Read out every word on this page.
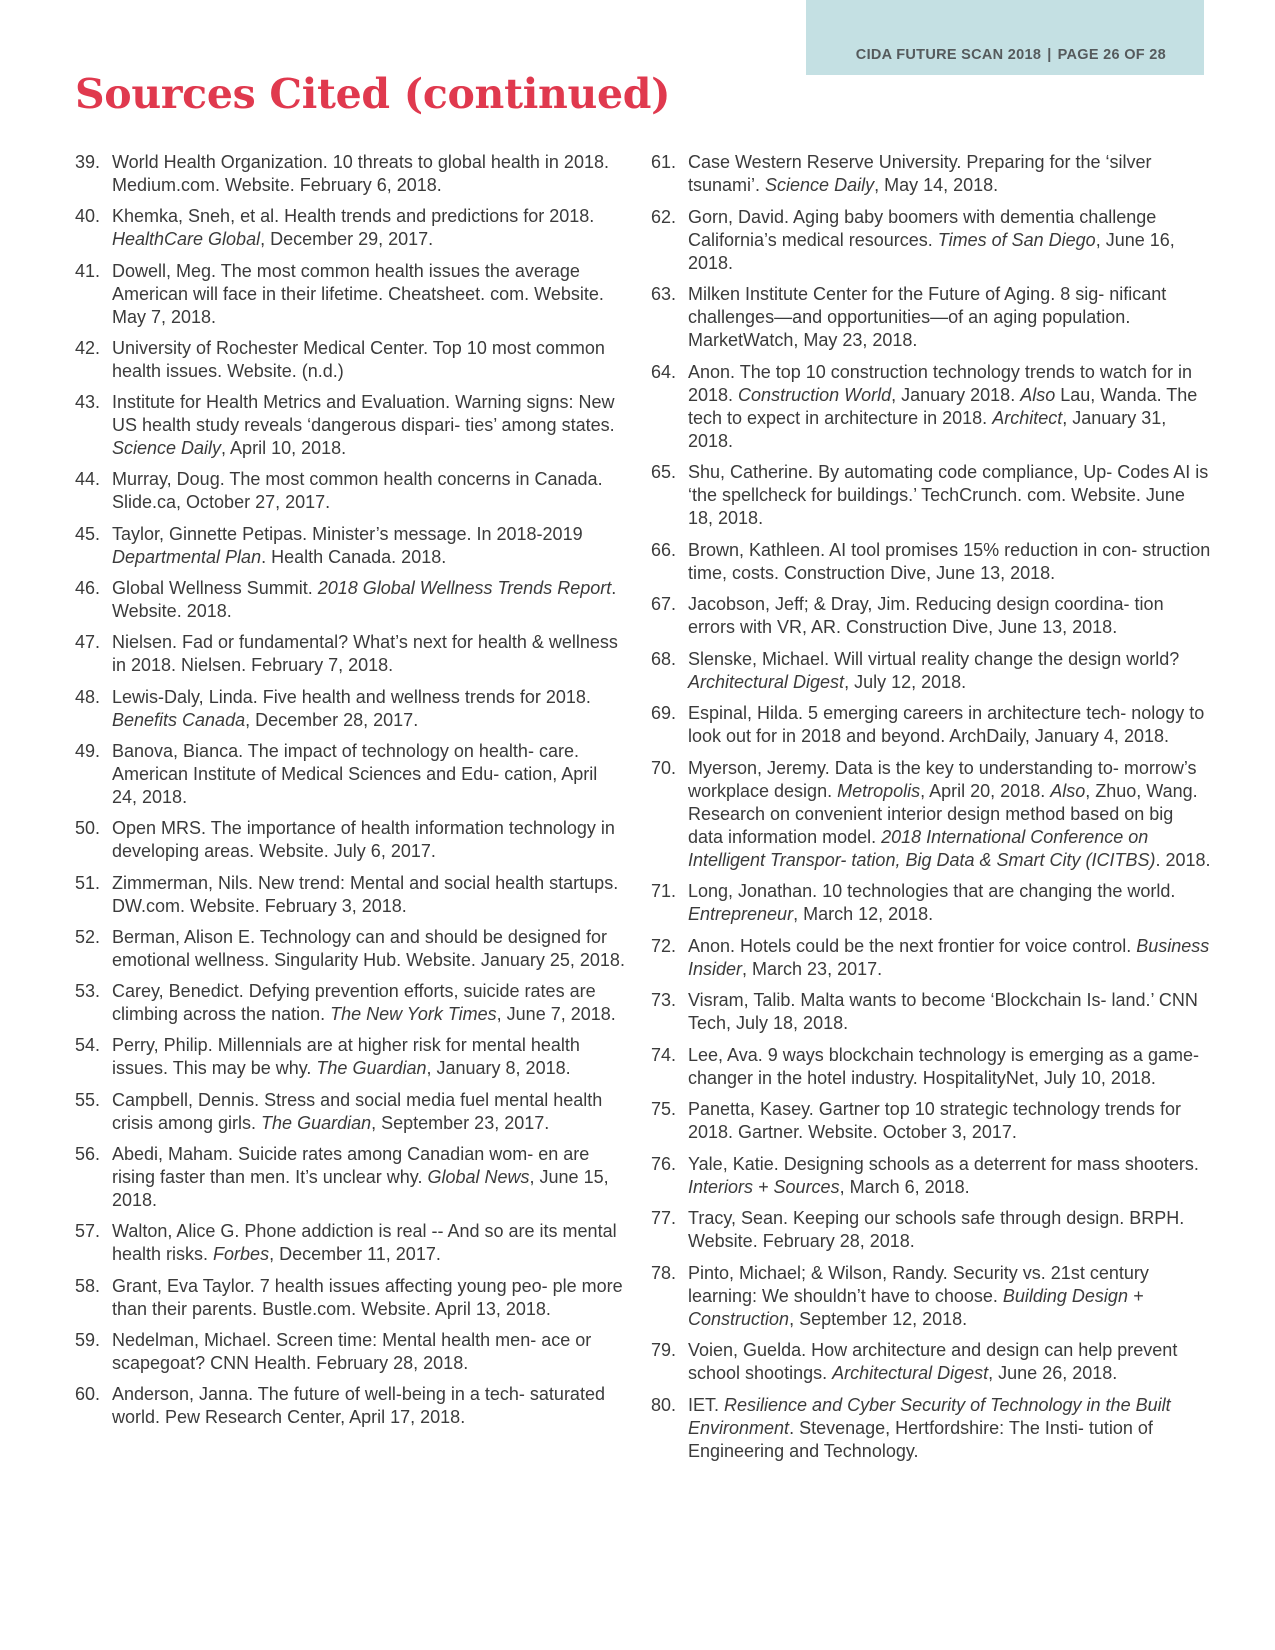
CIDA FUTURE SCAN 2018 | PAGE 26 OF 28
Sources Cited (continued)
39. World Health Organization. 10 threats to global health in 2018. Medium.com. Website. February 6, 2018.
40. Khemka, Sneh, et al. Health trends and predictions for 2018. HealthCare Global, December 29, 2017.
41. Dowell, Meg. The most common health issues the average American will face in their lifetime. Cheatsheet. com. Website. May 7, 2018.
42. University of Rochester Medical Center. Top 10 most common health issues. Website. (n.d.)
43. Institute for Health Metrics and Evaluation. Warning signs: New US health study reveals ‘dangerous dispari- ties’ among states. Science Daily, April 10, 2018.
44. Murray, Doug. The most common health concerns in Canada. Slide.ca, October 27, 2017.
45. Taylor, Ginnette Petipas. Minister’s message. In 2018-2019 Departmental Plan. Health Canada. 2018.
46. Global Wellness Summit. 2018 Global Wellness Trends Report. Website. 2018.
47. Nielsen. Fad or fundamental? What’s next for health & wellness in 2018. Nielsen. February 7, 2018.
48. Lewis-Daly, Linda. Five health and wellness trends for 2018. Benefits Canada, December 28, 2017.
49. Banova, Bianca. The impact of technology on health- care. American Institute of Medical Sciences and Edu- cation, April 24, 2018.
50. Open MRS. The importance of health information technology in developing areas. Website. July 6, 2017.
51. Zimmerman, Nils. New trend: Mental and social health startups. DW.com. Website. February 3, 2018.
52. Berman, Alison E. Technology can and should be designed for emotional wellness. Singularity Hub. Website. January 25, 2018.
53. Carey, Benedict. Defying prevention efforts, suicide rates are climbing across the nation. The New York Times, June 7, 2018.
54. Perry, Philip. Millennials are at higher risk for mental health issues. This may be why. The Guardian, January 8, 2018.
55. Campbell, Dennis. Stress and social media fuel mental health crisis among girls. The Guardian, September 23, 2017.
56. Abedi, Maham. Suicide rates among Canadian wom- en are rising faster than men. It’s unclear why. Global News, June 15, 2018.
57. Walton, Alice G. Phone addiction is real -- And so are its mental health risks. Forbes, December 11, 2017.
58. Grant, Eva Taylor. 7 health issues affecting young peo- ple more than their parents. Bustle.com. Website. April 13, 2018.
59. Nedelman, Michael. Screen time: Mental health men- ace or scapegoat? CNN Health. February 28, 2018.
60. Anderson, Janna. The future of well-being in a tech- saturated world. Pew Research Center, April 17, 2018.
61. Case Western Reserve University. Preparing for the ‘silver tsunami’. Science Daily, May 14, 2018.
62. Gorn, David. Aging baby boomers with dementia challenge California’s medical resources. Times of San Diego, June 16, 2018.
63. Milken Institute Center for the Future of Aging. 8 sig- nificant challenges—and opportunities—of an aging population. MarketWatch, May 23, 2018.
64. Anon. The top 10 construction technology trends to watch for in 2018. Construction World, January 2018. Also Lau, Wanda. The tech to expect in architecture in 2018. Architect, January 31, 2018.
65. Shu, Catherine. By automating code compliance, Up- Codes AI is ‘the spellcheck for buildings.’ TechCrunch. com. Website. June 18, 2018.
66. Brown, Kathleen. AI tool promises 15% reduction in con- struction time, costs. Construction Dive, June 13, 2018.
67. Jacobson, Jeff; & Dray, Jim. Reducing design coordina- tion errors with VR, AR. Construction Dive, June 13, 2018.
68. Slenske, Michael. Will virtual reality change the design world? Architectural Digest, July 12, 2018.
69. Espinal, Hilda. 5 emerging careers in architecture tech- nology to look out for in 2018 and beyond. ArchDaily, January 4, 2018.
70. Myerson, Jeremy. Data is the key to understanding to- morrow’s workplace design. Metropolis, April 20, 2018. Also, Zhuo, Wang. Research on convenient interior design method based on big data information model. 2018 International Conference on Intelligent Transpor- tation, Big Data & Smart City (ICITBS). 2018.
71. Long, Jonathan. 10 technologies that are changing the world. Entrepreneur, March 12, 2018.
72. Anon. Hotels could be the next frontier for voice control. Business Insider, March 23, 2017.
73. Visram, Talib. Malta wants to become ‘Blockchain Is- land.’ CNN Tech, July 18, 2018.
74. Lee, Ava. 9 ways blockchain technology is emerging as a game-changer in the hotel industry. HospitalityNet, July 10, 2018.
75. Panetta, Kasey. Gartner top 10 strategic technology trends for 2018. Gartner. Website. October 3, 2017.
76. Yale, Katie. Designing schools as a deterrent for mass shooters. Interiors + Sources, March 6, 2018.
77. Tracy, Sean. Keeping our schools safe through design. BRPH. Website. February 28, 2018.
78. Pinto, Michael; & Wilson, Randy. Security vs. 21st century learning: We shouldn’t have to choose. Building Design + Construction, September 12, 2018.
79. Voien, Guelda. How architecture and design can help prevent school shootings. Architectural Digest, June 26, 2018.
80. IET. Resilience and Cyber Security of Technology in the Built Environment. Stevenage, Hertfordshire: The Insti- tution of Engineering and Technology.
